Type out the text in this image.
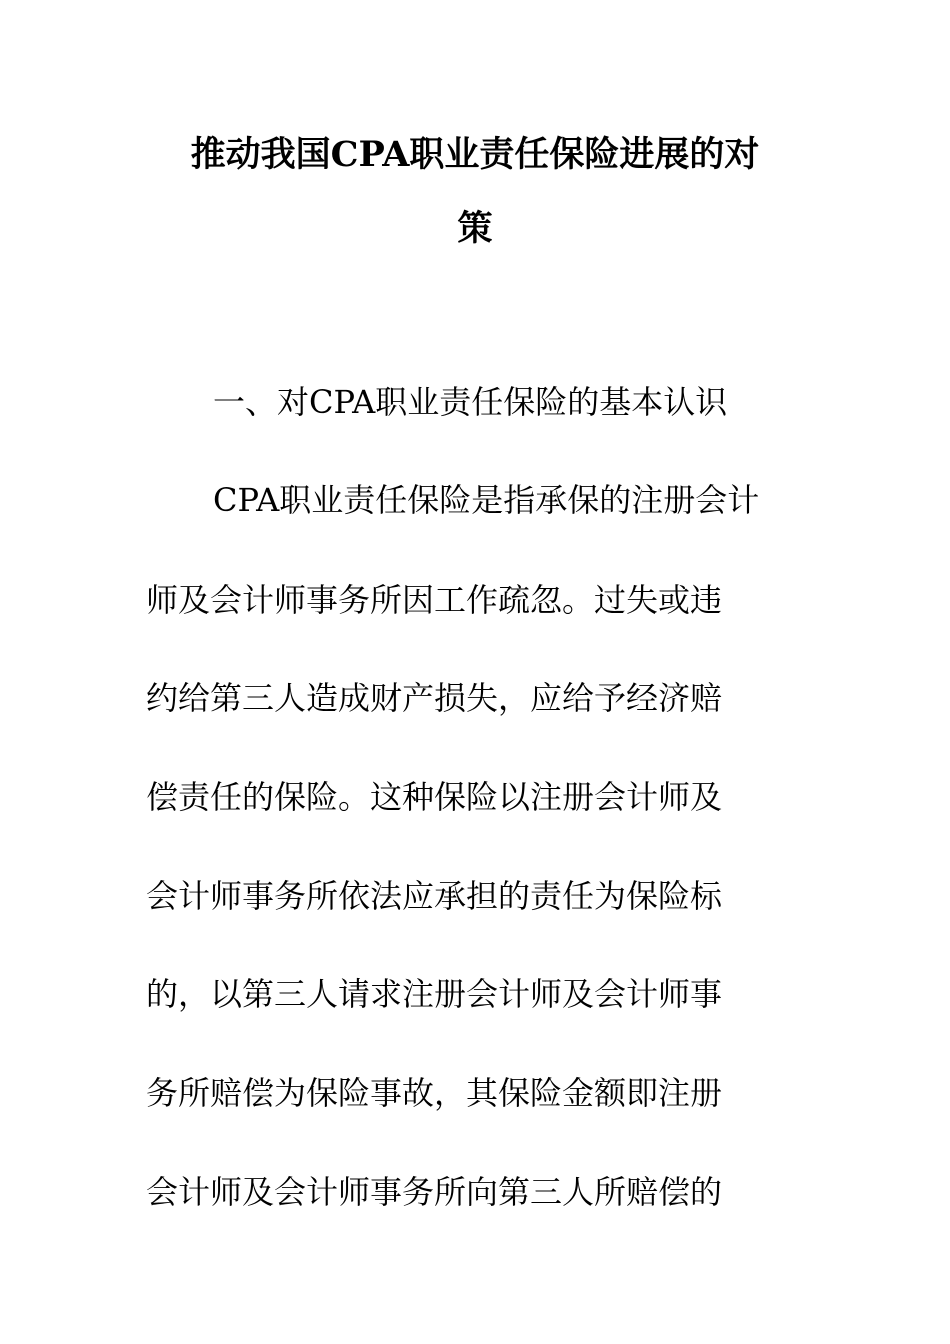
推动我国CPA职业责任保险进展的对
策

一、对CPA职业责任保险的基本认识

CPA职业责任保险是指承保的注册会计

师及会计师事务所因工作疏忽。过失或违

约给第三人造成财产损失，应给予经济赔

偿责任的保险。这种保险以注册会计师及

会计师事务所依法应承担的责任为保险标

的，以第三人请求注册会计师及会计师事

务所赔偿为保险事故，其保险金额即注册

会计师及会计师事务所向第三人所赔偿的
